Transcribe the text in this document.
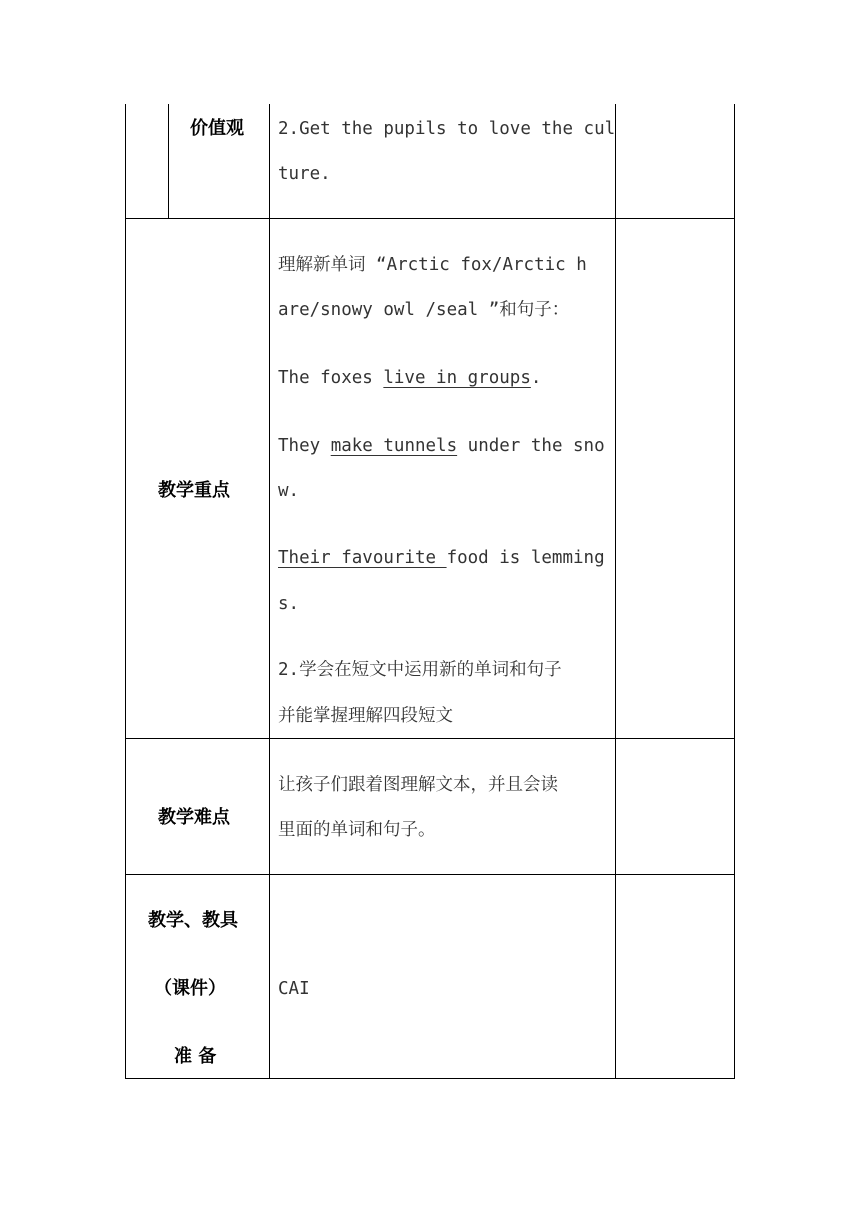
价值观 2.Get the pupils to love the cul
ture.
教学重点
理解新单词 “Arctic fox/Arctic h
are/snowy owl /seal ”和句子：
The foxes live in groups.
They make tunnels under the sno
w.
Their favourite food is lemming
s.
2.学会在短文中运用新的单词和句子
并能掌握理解四段短文
教学难点
让孩子们跟着图理解文本，并且会读
里面的单词和句子。
教学、教具
（课件）
准 备
CAI
